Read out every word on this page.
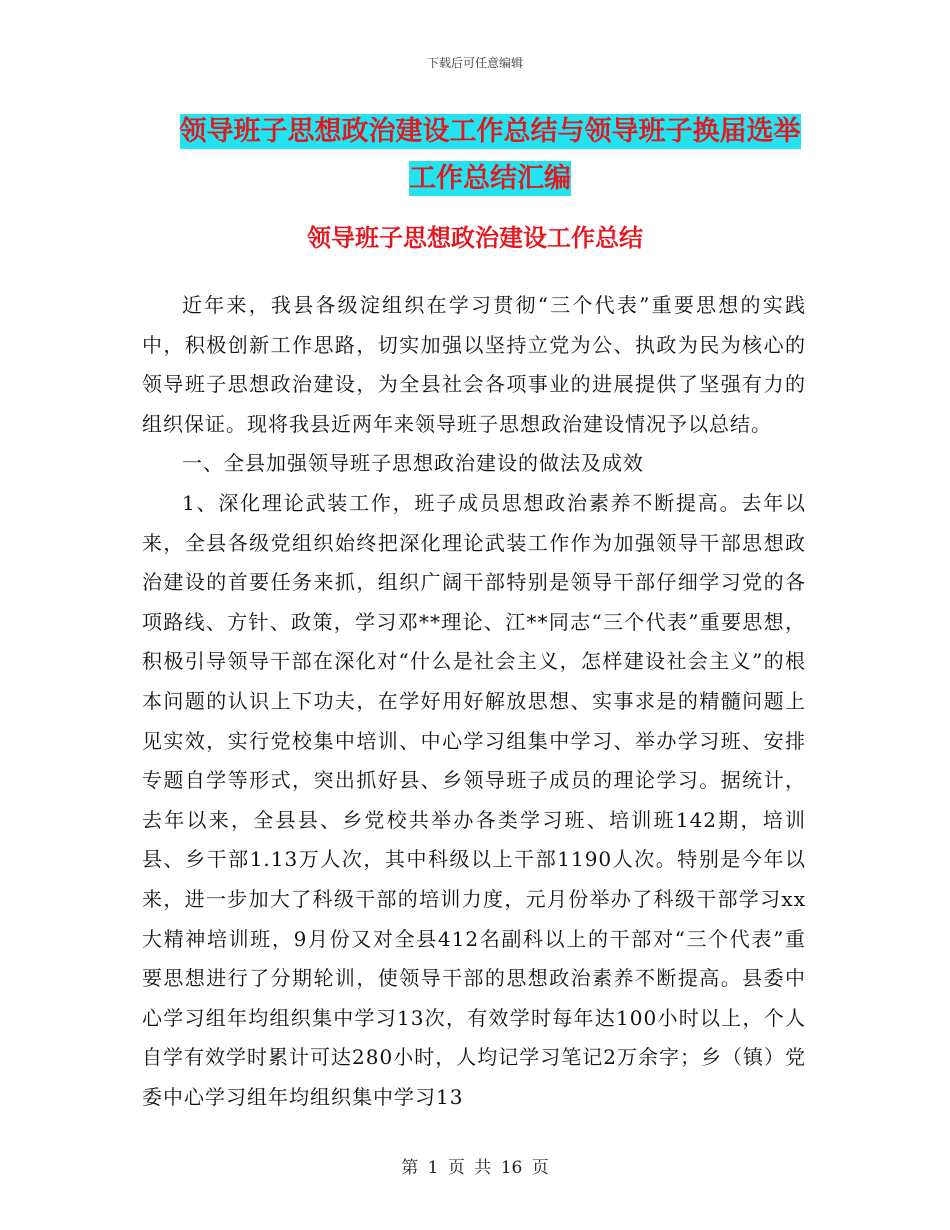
下载后可任意编辑
领导班子思想政治建设工作总结与领导班子换届选举
工作总结汇编
领导班子思想政治建设工作总结

近年来，我县各级淀组织在学习贯彻“三个代表”重要思想的实践中，积极创新工作思路，切实加强以坚持立党为公、执政为民为核心的领导班子思想政治建设，为全县社会各项事业的进展提供了坚强有力的组织保证。现将我县近两年来领导班子思想政治建设情况予以总结。

一、全县加强领导班子思想政治建设的做法及成效

1、深化理论武装工作，班子成员思想政治素养不断提高。去年以来，全县各级党组织始终把深化理论武装工作作为加强领导干部思想政治建设的首要任务来抓，组织广阔干部特别是领导干部仔细学习党的各项路线、方针、政策，学习邓**理论、江**同志“三个代表”重要思想，积极引导领导干部在深化对“什么是社会主义，怎样建设社会主义”的根本问题的认识上下功夫，在学好用好解放思想、实事求是的精髓问题上见实效，实行党校集中培训、中心学习组集中学习、举办学习班、安排专题自学等形式，突出抓好县、乡领导班子成员的理论学习。据统计，去年以来，全县县、乡党校共举办各类学习班、培训班142期，培训县、乡干部1.13万人次，其中科级以上干部1190人次。特别是今年以来，进一步加大了科级干部的培训力度，元月份举办了科级干部学习xx大精神培训班，9月份又对全县412名副科以上的干部对“三个代表”重要思想进行了分期轮训，使领导干部的思想政治素养不断提高。县委中心学习组年均组织集中学习13次，有效学时每年达100小时以上，个人自学有效学时累计可达280小时，人均记学习笔记2万余字；乡（镇）党委中心学习组年均组织集中学习13

第 1 页 共 16 页
